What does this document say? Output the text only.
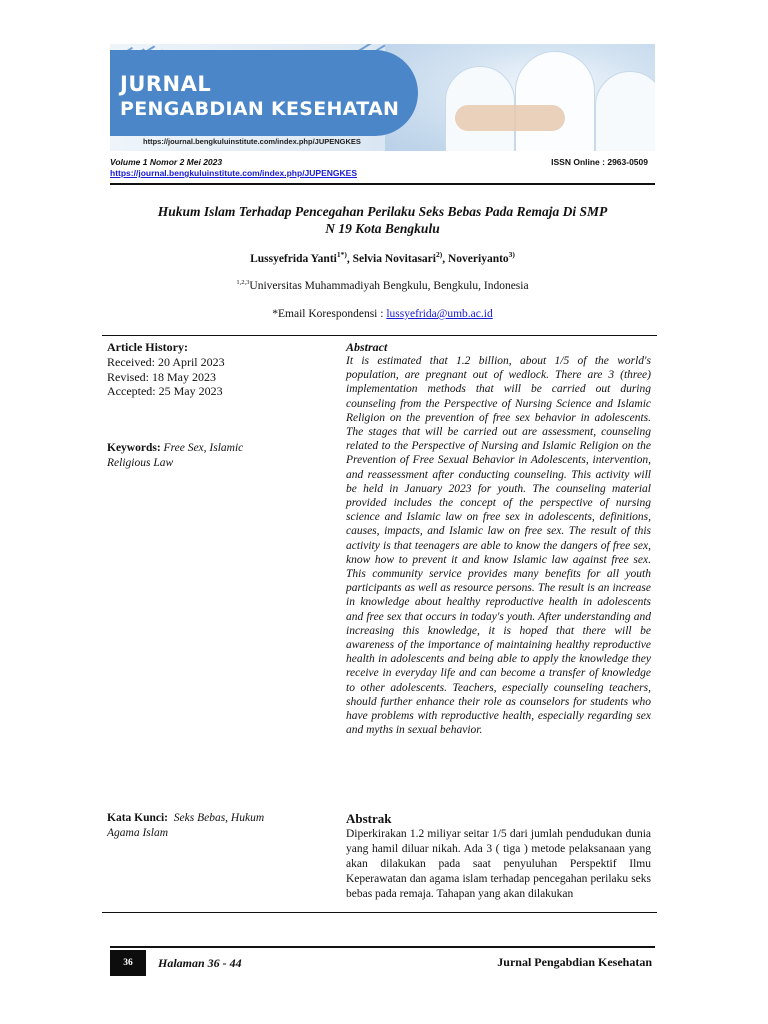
JURNAL
PENGABDIAN KESEHATAN
https://journal.bengkuluinstitute.com/index.php/JUPENGKES
Volume 1 Nomor 2 Mei 2023	ISSN Online : 2963-0509
https://journal.bengkuluinstitute.com/index.php/JUPENGKES
Hukum Islam Terhadap Pencegahan Perilaku Seks Bebas Pada Remaja Di SMP
N 19 Kota Bengkulu
Lussyefrida Yanti$^{1*)}$, Selvia Novitasari$^{2)}$, Noveriyanto$^{3)}$
$^{1,2,3}$Universitas Muhammadiyah Bengkulu, Bengkulu, Indonesia
*Email Korespondensi : lussyefrida@umb.ac.id
Article History:
Received: 20 April 2023
Revised: 18 May 2023
Accepted: 25 May 2023
Keywords: Free Sex, Islamic Religious Law
Kata Kunci: Seks Bebas, Hukum Agama Islam
Abstract
It is estimated that 1.2 billion, about 1/5 of the world's population, are pregnant out of wedlock. There are 3 (three) implementation methods that will be carried out during counseling from the Perspective of Nursing Science and Islamic Religion on the prevention of free sex behavior in adolescents. The stages that will be carried out are assessment, counseling related to the Perspective of Nursing and Islamic Religion on the Prevention of Free Sexual Behavior in Adolescents, intervention, and reassessment after conducting counseling. This activity will be held in January 2023 for youth. The counseling material provided includes the concept of the perspective of nursing science and Islamic law on free sex in adolescents, definitions, causes, impacts, and Islamic law on free sex. The result of this activity is that teenagers are able to know the dangers of free sex, know how to prevent it and know Islamic law against free sex. This community service provides many benefits for all youth participants as well as resource persons. The result is an increase in knowledge about healthy reproductive health in adolescents and free sex that occurs in today's youth. After understanding and increasing this knowledge, it is hoped that there will be awareness of the importance of maintaining healthy reproductive health in adolescents and being able to apply the knowledge they receive in everyday life and can become a transfer of knowledge to other adolescents. Teachers, especially counseling teachers, should further enhance their role as counselors for students who have problems with reproductive health, especially regarding sex and myths in sexual behavior.
Abstrak
Diperkirakan 1.2 miliyar seitar 1/5 dari jumlah pendudukan dunia yang hamil diluar nikah. Ada 3 ( tiga ) metode pelaksanaan yang akan dilakukan pada saat penyuluhan Perspektif Ilmu Keperawatan dan agama islam terhadap pencegahan perilaku seks bebas pada remaja. Tahapan yang akan dilakukan
36	Halaman 36 - 44	Jurnal Pengabdian Kesehatan
